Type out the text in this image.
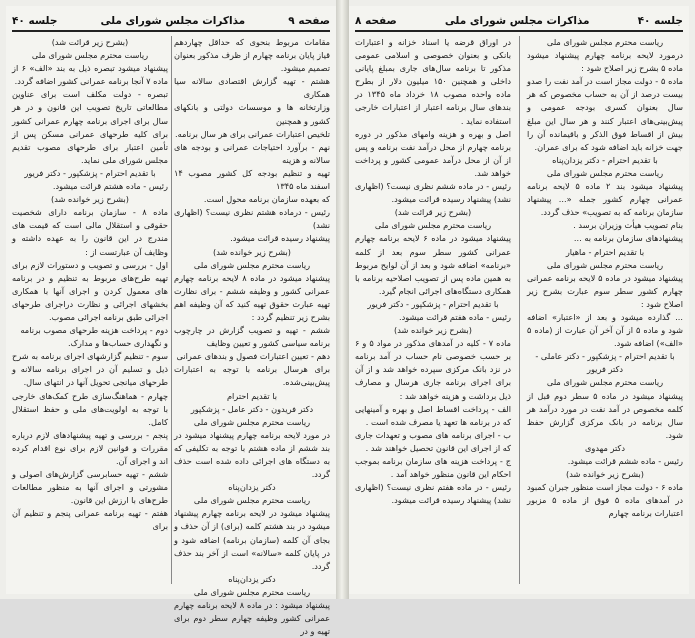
صفحه ۹
مذاکرات مجلس شورای ملی
جلسه ۴۰

مقامات مربوط بنحوی که حداقل چهاردهم قیاز پایان برنامه چهارم از ظرف مذکور بعنوان تصمیم میشود.

هشتم - تهیه گزارش اقتصادی سالانه سیا همکاری

وزارتخانه ها و موسسات دولتی و بانکهای کشور و همچنین

تلخیص اعتبارات عمرانی برای هر سال برنامه.

نهم - برآورد احتیاجات عمرانی و بودجه های سالانه و هزینه

تهیه و تنظیم بودجه کل کشور مصوب ۱۴ اسفند ماه ۱۳۴۵

که بعهده سازمان برنامه محول است.

رئیس - درماده هشتم نظری نیست؟ (اظهاری نشد)

پیشنهاد رسیده قرائت میشود.

(بشرح زیر خوانده شد)

ریاست محترم مجلس شورای ملی

پیشنهاد میشود در ماده ۸ لایحه برنامه چهارم عمرانی کشور و وظیفه ششم - برای نظارت تهیه عبارت حقوق تهیه کنید که آن وظیفه اهم بشرح زیر تنظیم گردد :

ششم - تهیه و تصویب گزارش در چارچوب برنامه سیاسی کشور و تعیین وظایف

دهم - تعیین اعتبارات فصول و بندهای عمرانی

برای هرسال برنامه با توجه به اعتبارات پیش‌بینی‌شده.

با تقدیم احترام

دکتر فریدون - دکتر عامل - پزشکپور

ریاست محترم مجلس شورای ملی

در مورد لایحه برنامه چهارم پیشنهاد میشود در بند ششم از ماده هشتم با توجه به تکلیفی که به دستگاه های اجرائی داده شده است حذف گردد.

دکتر یزدان‌پناه

ریاست محترم مجلس شورای ملی

پیشنهاد میشود در لایحه برنامه چهارم پیشنهاد میشود در بند هشتم کلمه (برای) از آن حذف و بجای آن کلمه (سازمان برنامه) اضافه شود و در پایان کلمه «سالانه» است از آخر بند حذف گردد.

دکتر یزدان‌پناه

ریاست محترم مجلس شورای ملی

پیشنهاد میشود : در ماده ۸ لایحه برنامه چهارم عمرانی کشور وظیفه چهارم سطر دوم برای تهیه و در

(بشرح زیر قرائت شد)

ریاست محترم مجلس شورای ملی

پیشنهاد میشود تبصره ذیل به بند «الف» ۶ از ماده ۷ آنجا برنامه عمرانی کشور اضافه گردد.

تبصره - دولت مکلف است برای عناوین مطالعاتی تاریخ تصویب این قانون و در هر سال برای اجرای برنامه چهارم عمرانی کشور برای کلیه طرحهای عمرانی مسکن پس از تأمین اعتبار برای طرحهای مصوب تقدیم مجلس شورای ملی نماید.

با تقدیم احترام - پزشکپور - دکتر فریور

رئیس - ماده هشتم قرائت میشود.

(بشرح زیر خوانده شد)

ماده ۸ - سازمان برنامه دارای شخصیت حقوقی و استقلال مالی است که قیمت های مندرج در این قانون را به عهده داشته و وظایف آن عبارتست از :

اول - بررسی و تصویب و دستورات لازم برای تهیه طرح‌های مربوط به تنظیم و در برنامه های معمول کردن و اجرای آنها با همکاری بخشهای اجرائی و نظارت دراجرای طرحهای اجرائی طبق برنامه اجرائی مصوب.

دوم - پرداخت هزینه طرحهای مصوب برنامه

و نگهداری حساب‌ها و مدارک.

سوم - تنظیم گزارشهای اجرای برنامه به شرح ذیل و تسلیم آن در اجرای برنامه سالانه و طرحهای میانجی تحویل آنها در انتهای سال.

چهارم - هماهنگ‌سازی طرح کمک‌های خارجی با توجه به اولویت‌های ملی و حفظ استقلال کامل.

پنجم - بررسی و تهیه پیشنهادهای لازم درباره مقررات و قوانین لازم برای نوع اقدام کرده اند و اجرای آن.

ششم - تهیه حسابرسی گزارش‌های اصولی و مشورتی و اجرای آنها به منظور مطالعات طرح‌های با ارزش این قانون.

هفتم - تهیه برنامه عمرانی پنجم و تنظیم آن برای

جلسه ۴۰
مذاکرات مجلس شورای ملی
صفحه ۸

ریاست محترم مجلس شورای ملی

درمورد لایحه برنامه چهارم پیشنهاد میشود ماده ۵ بشرح زیر اصلاح شود :

ماده ۵ - دولت مجاز است در آمد نفت را صدو بیست درصد از آن به حساب مخصوص که هر سال بعنوان کسری بودجه عمومی و پیش‌بینی‌های اعتبار کنند و هر سال این مبلغ بیش از اقساط فوق الذکر و باقیمانده آن را جهت خزانه باید اضافه شود که برای عمران.

با تقدیم احترام - دکتر یزدان‌پناه

ریاست محترم مجلس شورای ملی

پیشنهاد میشود بند ۲ ماده ۵ لایحه برنامه عمرانی چهارم کشور جمله «... پیشنهاد سازمان برنامه که به تصویب» حذف گردد.

بنام تصویب هیأت وزیران برسد .

پیشنهادهای سازمان برنامه به ...

با تقدیم احترام - ماهیار

ریاست محترم مجلس شورای ملی

پیشنهاد میشود در ماده ۵ لایحه برنامه عمرانی چهارم کشور سطر سوم عبارت بشرح زیر اصلاح شود :

... گذارده میشود و بعد از «اعتبار» اضافه شود و ماده ۵ از آن آخر آن عبارت از (ماده ۵ «الف») اضافه شود.

با تقدیم احترام - پزشکپور - دکتر عاملی - دکتر فریور

ریاست محترم مجلس شورای ملی

پیشنهاد میشود در ماده ۵ سطر دوم قبل از کلمه مخصوص در آمد نفت در مورد درآمد هر سال برنامه در بانک مرکزی گزارش حفظ شود.

دکتر مهدوی

رئیس - ماده ششم قرائت میشود.

(بشرح زیر خوانده شد)

ماده ۶ - دولت مجاز است منظور جبران کمبود در آمدهای ماده ۵ فوق از ماده ۵ مزبور اعتبارات برنامه چهارم

در اوراق قرضه یا اسناد خزانه و اعتبارات بانکی و بعنوان خصوصی و اسلامی عمومی مذکور تا برنامه سال‌های جاری بمبلغ پایانی داخلی و همچنین ۱۵۰ میلیون دلار از بطرح ماده واحده مصوب ۱۸ خرداد ماه ۱۳۴۵ در بندهای سال برنامه اعتبار از اعتبارات خارجی استفاده نماید .

اصل و بهره و هزینه وامهای مذکور در دوره برنامه چهارم از محل درآمد نفت برنامه و پس از آن از محل درآمد عمومی کشور و پرداخت خواهد شد.

رئیس - در ماده ششم نظری نیست؟ (اظهاری نشد) پیشنهاد رسیده قرائت میشود.

(بشرح زیر قرائت شد)

ریاست محترم مجلس شورای ملی

پیشنهاد میشود در ماده ۶ لایحه برنامه چهارم عمرانی کشور سطر سوم بعد از کلمه «برنامه» اضافه شود و بعد از آن لوایح مربوط به همین ماده پس از تصویب اصلاحیه برنامه با همکاری دستگاه‌های اجرائی انجام گیرد.

با تقدیم احترام - پزشکپور - دکتر فریور

رئیس - ماده هفتم قرائت میشود.

(بشرح زیر خوانده شد)

ماده ۷ - کلیه در آمدهای مذکور در مواد ۵ و ۶ بر حسب خصوصی نام حساب در آمد برنامه در نزد بانک مرکزی سپرده خواهد شد و از آن برای اجرای برنامه جاری هرسال و مصارف ذیل برداشت و هزینه خواهد شد :

الف - پرداخت اقساط اصل و بهره و آمینهایی که در برنامه ها تعهد یا مصرف شده است .

ب - اجرای برنامه های مصوب و تعهدات جاری که از اجرای این قانون تحصیل خواهند شد .

ج - پرداخت هزینه های سازمان برنامه بموجب احکام این قانون منظور خواهد آمد .

رئیس - در ماده هفتم نظری نیست؟ (اظهاری نشد) پیشنهاد رسیده قرائت میشود.
